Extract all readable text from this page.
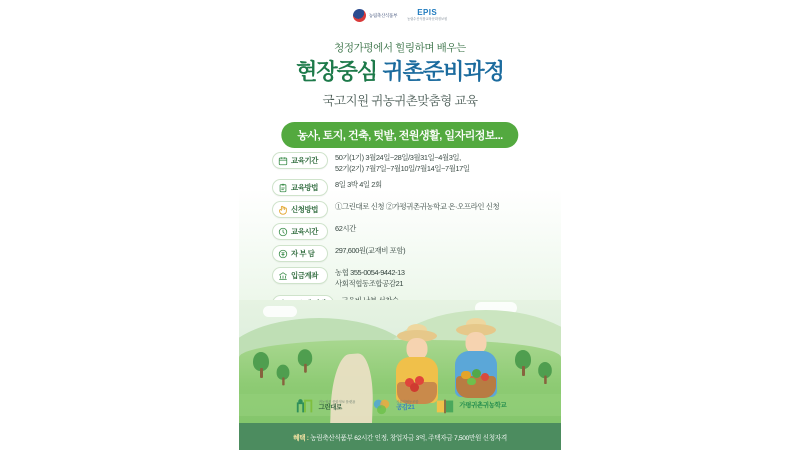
농림축산식품부	EPIS
농림수산식품교육문화정보원
청정가평에서 힐링하며 배우는
현장중심 귀촌준비과정
국고지원 귀농귀촌맞춤형 교육
농사, 토지, 건축, 텃밭, 전원생활, 일자리정보...
교육기간 50기(1기) 3월24일~28일/3월31일~4월3일,
52기(2기) 7월7일~7월10일/7월14일~7월17일
교육방법 8일 3박 4일 2회
신청방법 ①그린대로 신청 ②가평귀촌귀농학교 온·오프라인 신청
교육시간 62시간
자 부 담	297,600원(교재비 포함)
입금계좌 농협 355-0054-9442-13
사회적협동조합공감21
귀농귀촌 종합정보 플랫폼
그린대로
사회적협동조합
공감21	가평귀촌귀농학교
혜택 : 농림축산식품부 62시간 인정, 창업자금 3억, 주택자금 7,500만원 신청자격
